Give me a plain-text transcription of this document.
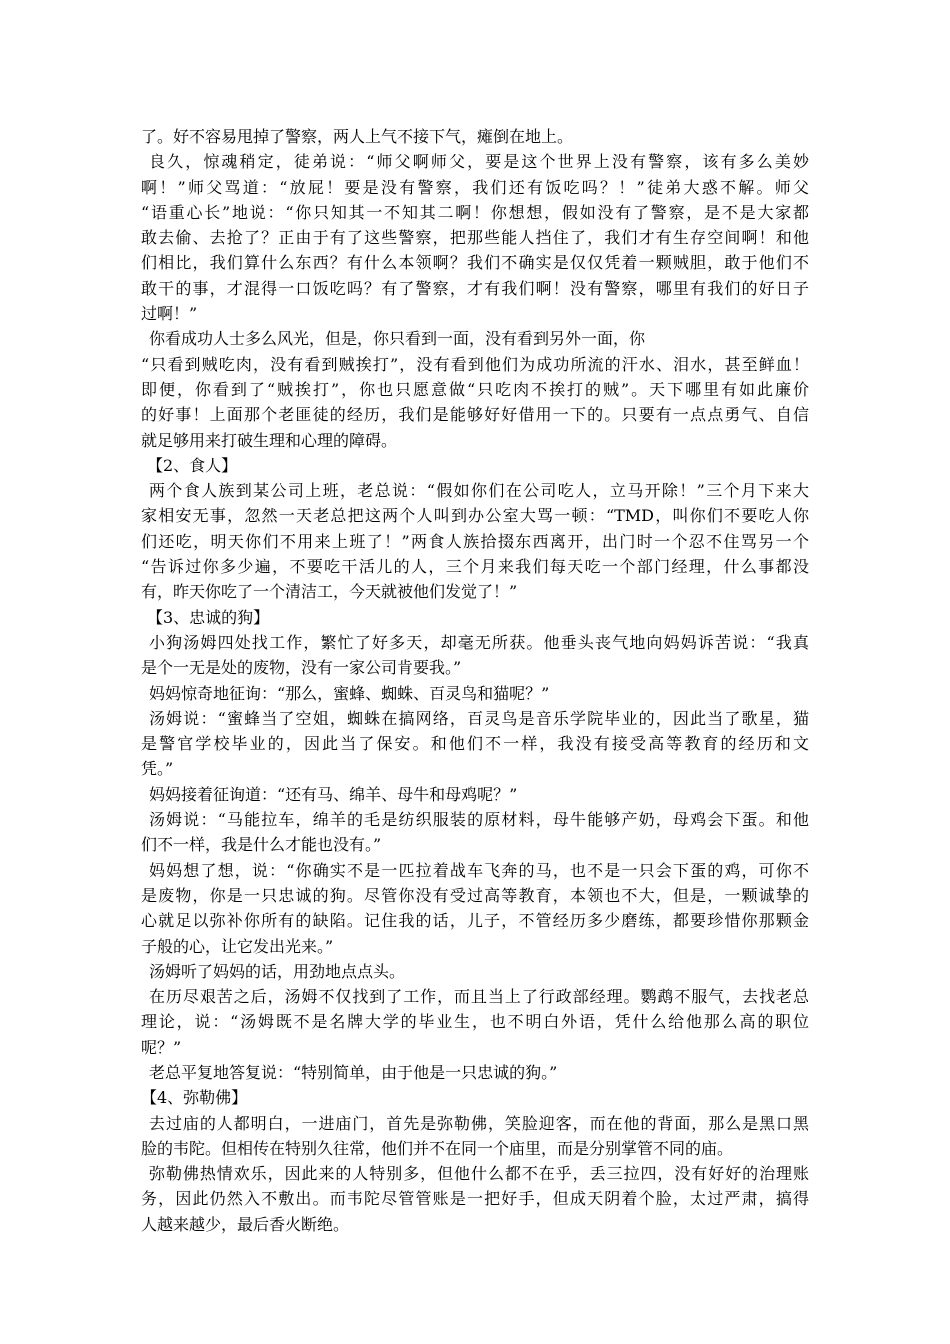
了。好不容易甩掉了警察，两人上气不接下气，瘫倒在地上。
良久，惊魂稍定，徒弟说：“师父啊师父，要是这个世界上没有警察，该有多么美妙
啊！”师父骂道：“放屁！要是没有警察，我们还有饭吃吗？！”徒弟大惑不解。师父
“语重心长”地说：“你只知其一不知其二啊！你想想，假如没有了警察，是不是大家都
敢去偷、去抢了？正由于有了这些警察，把那些能人挡住了，我们才有生存空间啊！和他
们相比，我们算什么东西？有什么本领啊？我们不确实是仅仅凭着一颗贼胆，敢于他们不
敢干的事，才混得一口饭吃吗？有了警察，才有我们啊！没有警察，哪里有我们的好日子
过啊！”
你看成功人士多么风光，但是，你只看到一面，没有看到另外一面，你
“只看到贼吃肉，没有看到贼挨打”，没有看到他们为成功所流的汗水、泪水，甚至鲜血！
即便，你看到了“贼挨打”，你也只愿意做“只吃肉不挨打的贼”。天下哪里有如此廉价
的好事！上面那个老匪徒的经历，我们是能够好好借用一下的。只要有一点点勇气、自信
就足够用来打破生理和心理的障碍。
【2、食人】
两个食人族到某公司上班，老总说：“假如你们在公司吃人，立马开除！”三个月下来大
家相安无事，忽然一天老总把这两个人叫到办公室大骂一顿：“TMD，叫你们不要吃人你
们还吃，明天你们不用来上班了！”两食人族拾掇东西离开，出门时一个忍不住骂另一个
“告诉过你多少遍，不要吃干活儿的人，三个月来我们每天吃一个部门经理，什么事都没
有，昨天你吃了一个清洁工，今天就被他们发觉了！”
【3、忠诚的狗】
小狗汤姆四处找工作，繁忙了好多天，却毫无所获。他垂头丧气地向妈妈诉苦说：“我真
是个一无是处的废物，没有一家公司肯要我。”
妈妈惊奇地征询：“那么，蜜蜂、蜘蛛、百灵鸟和猫呢？”
汤姆说：“蜜蜂当了空姐，蜘蛛在搞网络，百灵鸟是音乐学院毕业的，因此当了歌星，猫
是警官学校毕业的，因此当了保安。和他们不一样，我没有接受高等教育的经历和文
凭。”
妈妈接着征询道：“还有马、绵羊、母牛和母鸡呢？”
汤姆说：“马能拉车，绵羊的毛是纺织服装的原材料，母牛能够产奶，母鸡会下蛋。和他
们不一样，我是什么才能也没有。”
妈妈想了想，说：“你确实不是一匹拉着战车飞奔的马，也不是一只会下蛋的鸡，可你不
是废物，你是一只忠诚的狗。尽管你没有受过高等教育，本领也不大，但是，一颗诚挚的
心就足以弥补你所有的缺陷。记住我的话，儿子，不管经历多少磨练，都要珍惜你那颗金
子般的心，让它发出光来。”
汤姆听了妈妈的话，用劲地点点头。
在历尽艰苦之后，汤姆不仅找到了工作，而且当上了行政部经理。鹦鹉不服气，去找老总
理论，说：“汤姆既不是名牌大学的毕业生，也不明白外语，凭什么给他那么高的职位
呢？”
老总平复地答复说：“特别简单，由于他是一只忠诚的狗。”
【4、弥勒佛】
去过庙的人都明白，一进庙门，首先是弥勒佛，笑脸迎客，而在他的背面，那么是黑口黑
脸的韦陀。但相传在特别久往常，他们并不在同一个庙里，而是分别掌管不同的庙。
弥勒佛热情欢乐，因此来的人特别多，但他什么都不在乎，丢三拉四，没有好好的治理账
务，因此仍然入不敷出。而韦陀尽管管账是一把好手，但成天阴着个脸，太过严肃，搞得
人越来越少，最后香火断绝。
